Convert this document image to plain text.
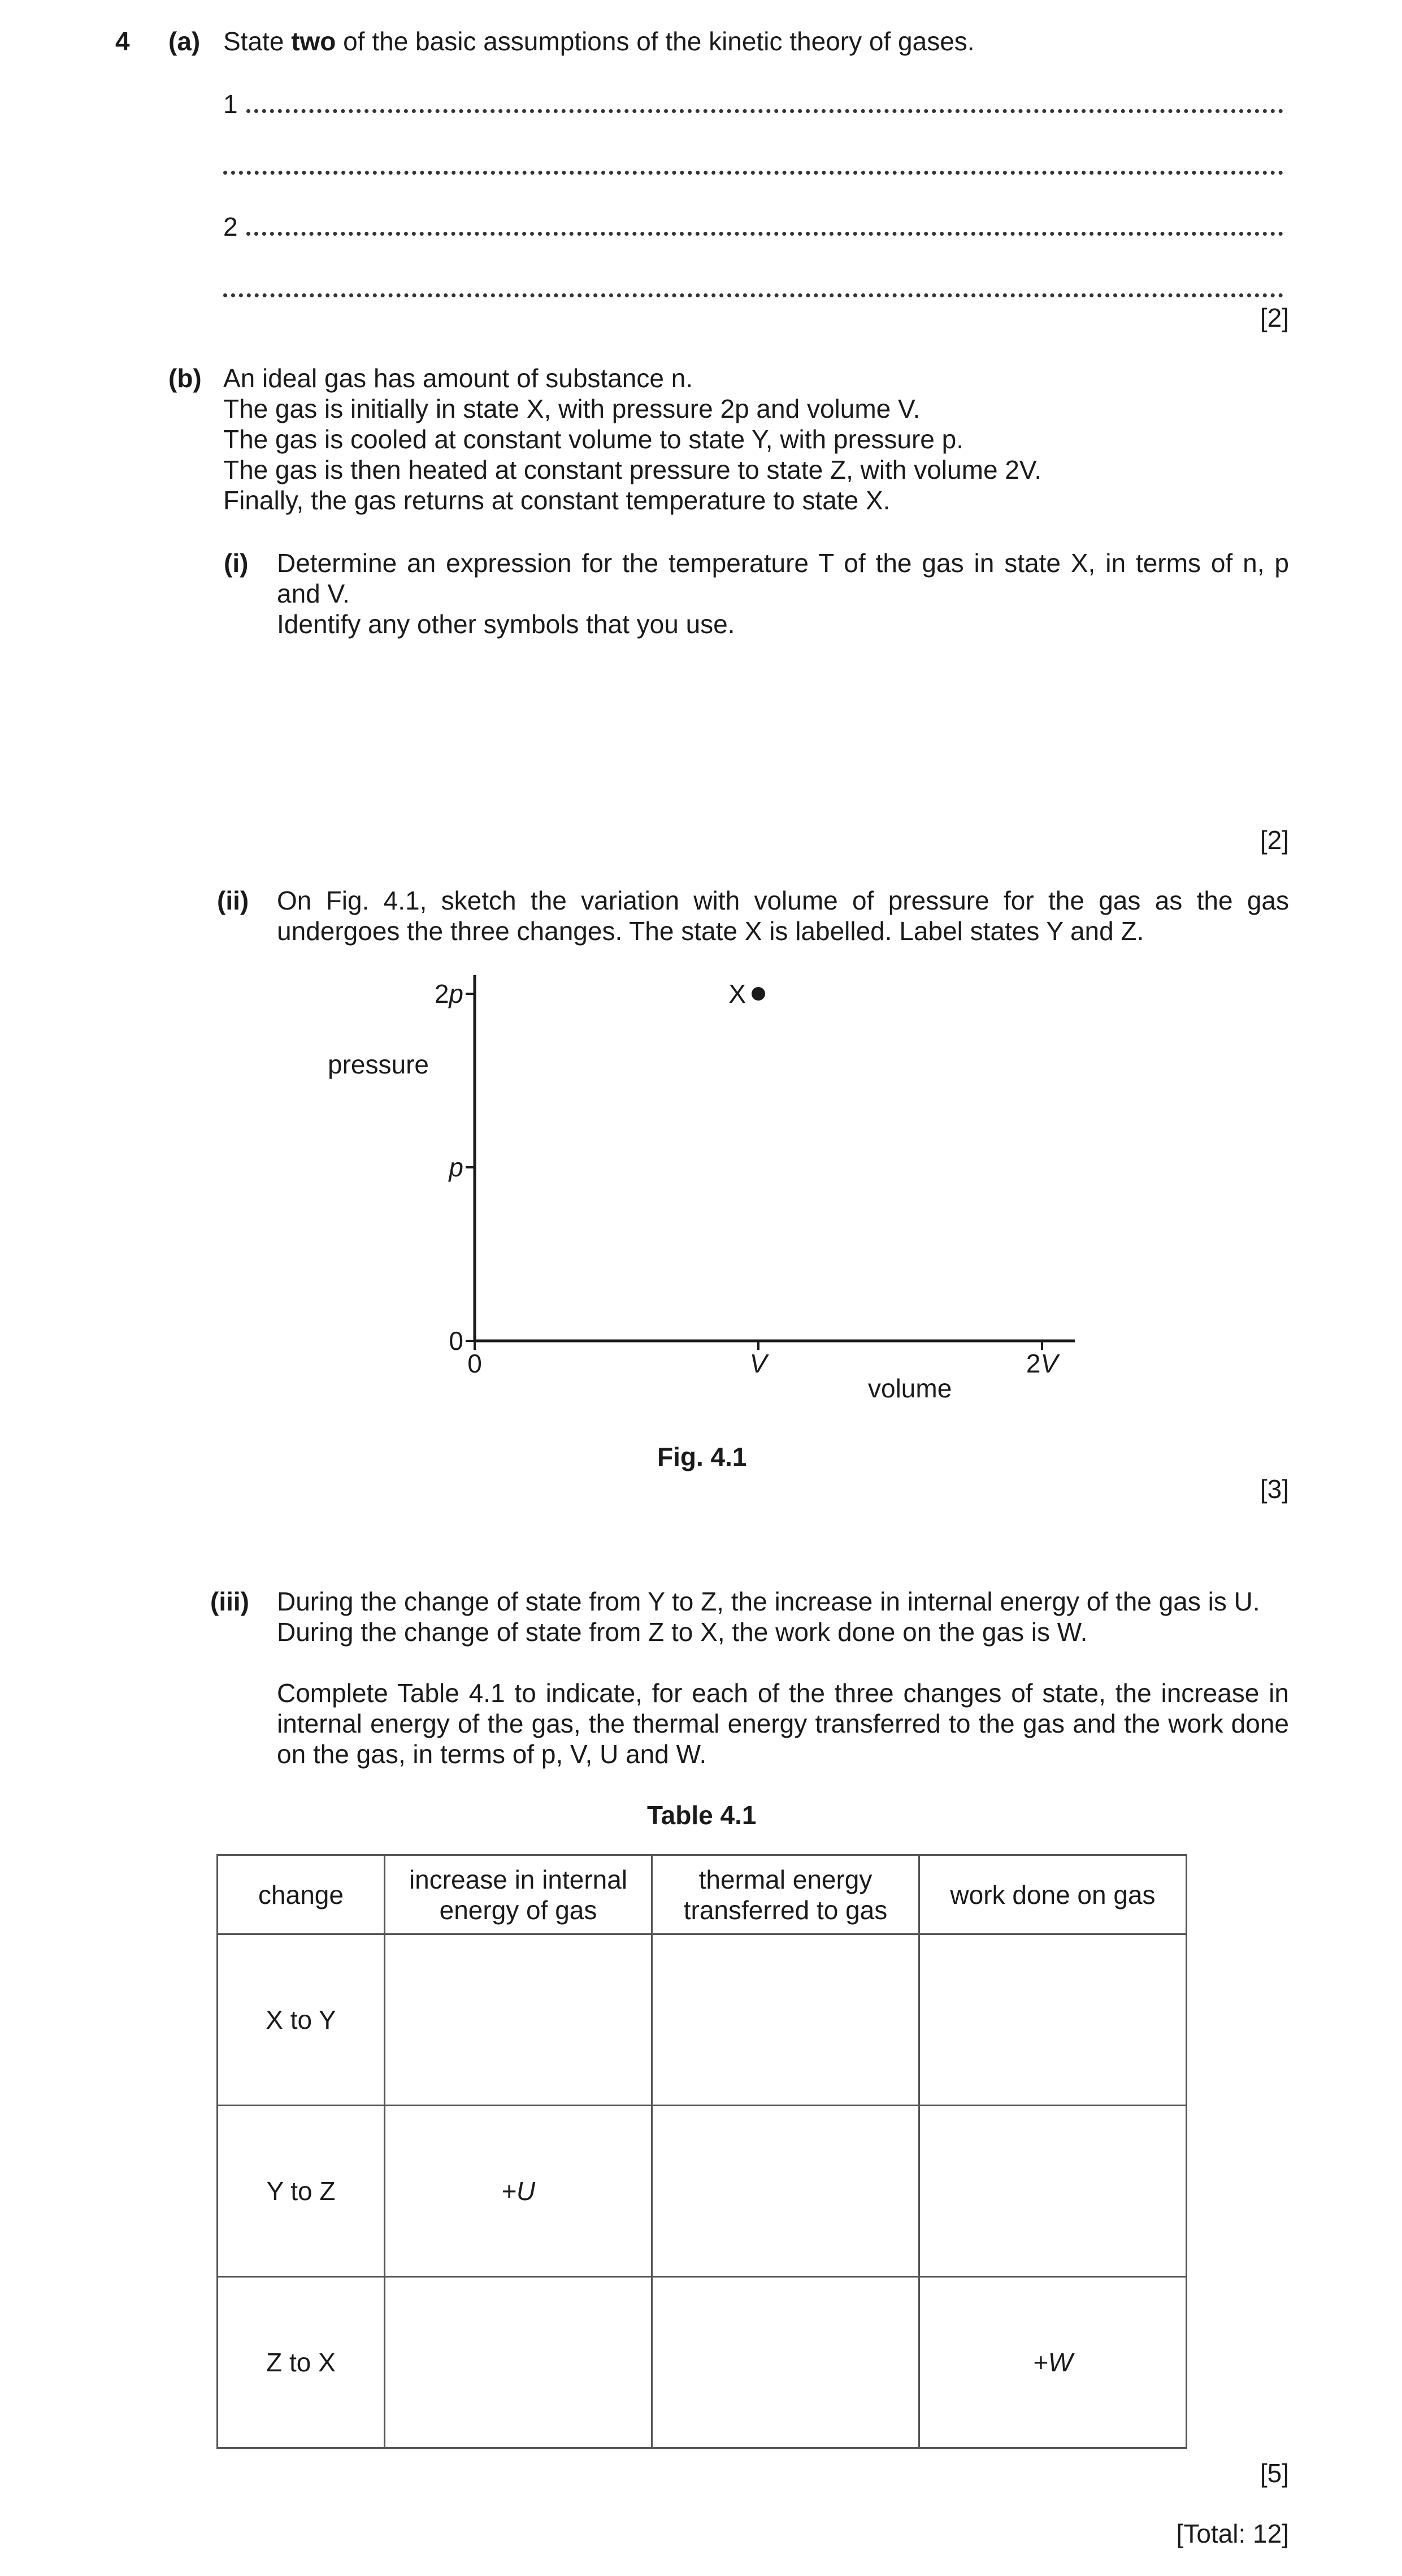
4 (a) State two of the basic assumptions of the kinetic theory of gases.
1
2
[2]
(b) An ideal gas has amount of substance n.
The gas is initially in state X, with pressure 2p and volume V.
The gas is cooled at constant volume to state Y, with pressure p.
The gas is then heated at constant pressure to state Z, with volume 2V.
Finally, the gas returns at constant temperature to state X.
(i) Determine an expression for the temperature T of the gas in state X, in terms of n, p and V.
Identify any other symbols that you use.
[2]
(ii) On Fig. 4.1, sketch the variation with volume of pressure for the gas as the gas undergoes the three changes. The state X is labelled. Label states Y and Z.
0
p
2p
0	V	2V
X
pressure
volume
Fig. 4.1
[3]
(iii) During the change of state from Y to Z, the increase in internal energy of the gas is U.
During the change of state from Z to X, the work done on the gas is W.
Complete Table 4.1 to indicate, for each of the three changes of state, the increase in internal energy of the gas, the thermal energy transferred to the gas and the work done on the gas, in terms of p, V, U and W.
Table 4.1
change	increase in internal energy of gas	thermal energy transferred to gas	work done on gas
X to Y			
Y to Z	+U		
Z to X			+W
[5]
[Total: 12]
